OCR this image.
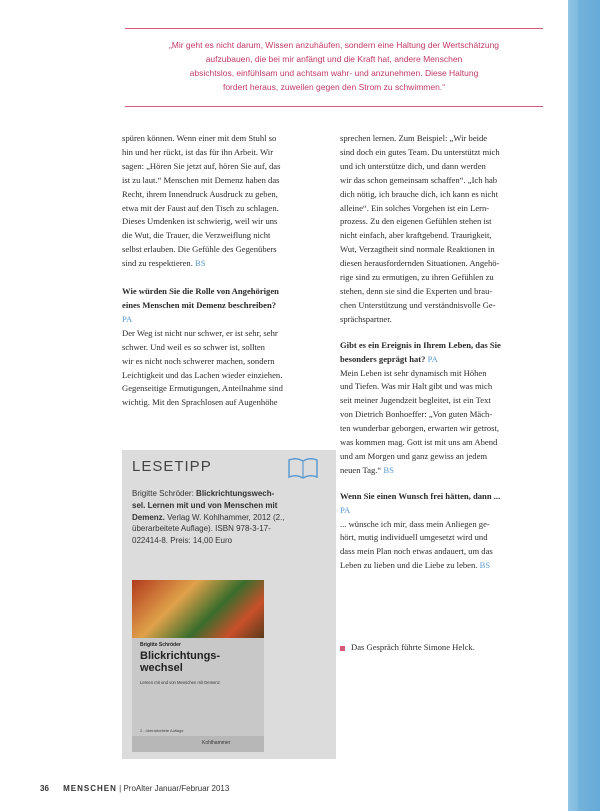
„Mir geht es nicht darum, Wissen anzuhäufen, sondern eine Haltung der Wertschätzung
aufzubauen, die bei mir anfängt und die Kraft hat, andere Menschen
absichtslos, einfühlsam und achtsam wahr- und anzunehmen. Diese Haltung
fordert heraus, zuweilen gegen den Strom zu schwimmen.“
spüren können. Wenn einer mit dem Stuhl so
hin und her rückt, ist das für ihn Arbeit. Wir
sagen: „Hören Sie jetzt auf, hören Sie auf, das
ist zu laut.“ Menschen mit Demenz haben das
Recht, ihrem Innendruck Ausdruck zu geben,
etwa mit der Faust auf den Tisch zu schlagen.
Dieses Umdenken ist schwierig, weil wir uns
die Wut, die Trauer, die Verzweiflung nicht
selbst erlauben. Die Gefühle des Gegenübers
sind zu respektieren. BS
Wie würden Sie die Rolle von Angehörigen
eines Menschen mit Demenz beschreiben?
PA
Der Weg ist nicht nur schwer, er ist sehr, sehr
schwer. Und weil es so schwer ist, sollten
wir es nicht noch schwerer machen, sondern
Leichtigkeit und das Lachen wieder einziehen.
Gegenseitige Ermutigungen, Anteilnahme sind
wichtig. Mit den Sprachlosen auf Augenhöhe
LESETIPP
Brigitte Schröder: Blickrichtungswech-
sel. Lernen mit und von Menschen mit
Demenz. Verlag W. Kohlhammer, 2012 (2.,
überarbeitete Auflage). ISBN 978-3-17-
022414-8. Preis: 14,00 Euro
Brigitte Schröder
Blickrichtungs-
wechsel
Lernen mit und von Menschen mit Demenz
2., überarbeitete Auflage
Kohlhammer
sprechen lernen. Zum Beispiel: „Wir beide
sind doch ein gutes Team. Du unterstützt mich
und ich unterstütze dich, und dann werden
wir das schon gemeinsam schaffen“. „Ich hab
dich nötig, ich brauche dich, ich kann es nicht
alleine“. Ein solches Vorgehen ist ein Lern-
prozess. Zu den eigenen Gefühlen stehen ist
nicht einfach, aber kraftgebend. Traurigkeit,
Wut, Verzagtheit sind normale Reaktionen in
diesen herausfordernden Situationen. Angehö-
rige sind zu ermutigen, zu ihren Gefühlen zu
stehen, denn sie sind die Experten und brau-
chen Unterstützung und verständnisvolle Ge-
sprächspartner.
Gibt es ein Ereignis in Ihrem Leben, das Sie
besonders geprägt hat? PA
Mein Leben ist sehr dynamisch mit Höhen
und Tiefen. Was mir Halt gibt und was mich
seit meiner Jugendzeit begleitet, ist ein Text
von Dietrich Bonhoeffer: „Von guten Mäch-
ten wunderbar geborgen, erwarten wir getrost,
was kommen mag. Gott ist mit uns am Abend
und am Morgen und ganz gewiss an jedem
neuen Tag.“ BS
Wenn Sie einen Wunsch frei hätten, dann ...
PA
... wünsche ich mir, dass mein Anliegen ge-
hört, mutig individuell umgesetzt wird und
dass mein Plan noch etwas andauert, um das
Leben zu lieben und die Liebe zu leben. BS
Das Gespräch führte Simone Helck.
36 MENSCHEN | ProAlter Januar/Februar 2013
